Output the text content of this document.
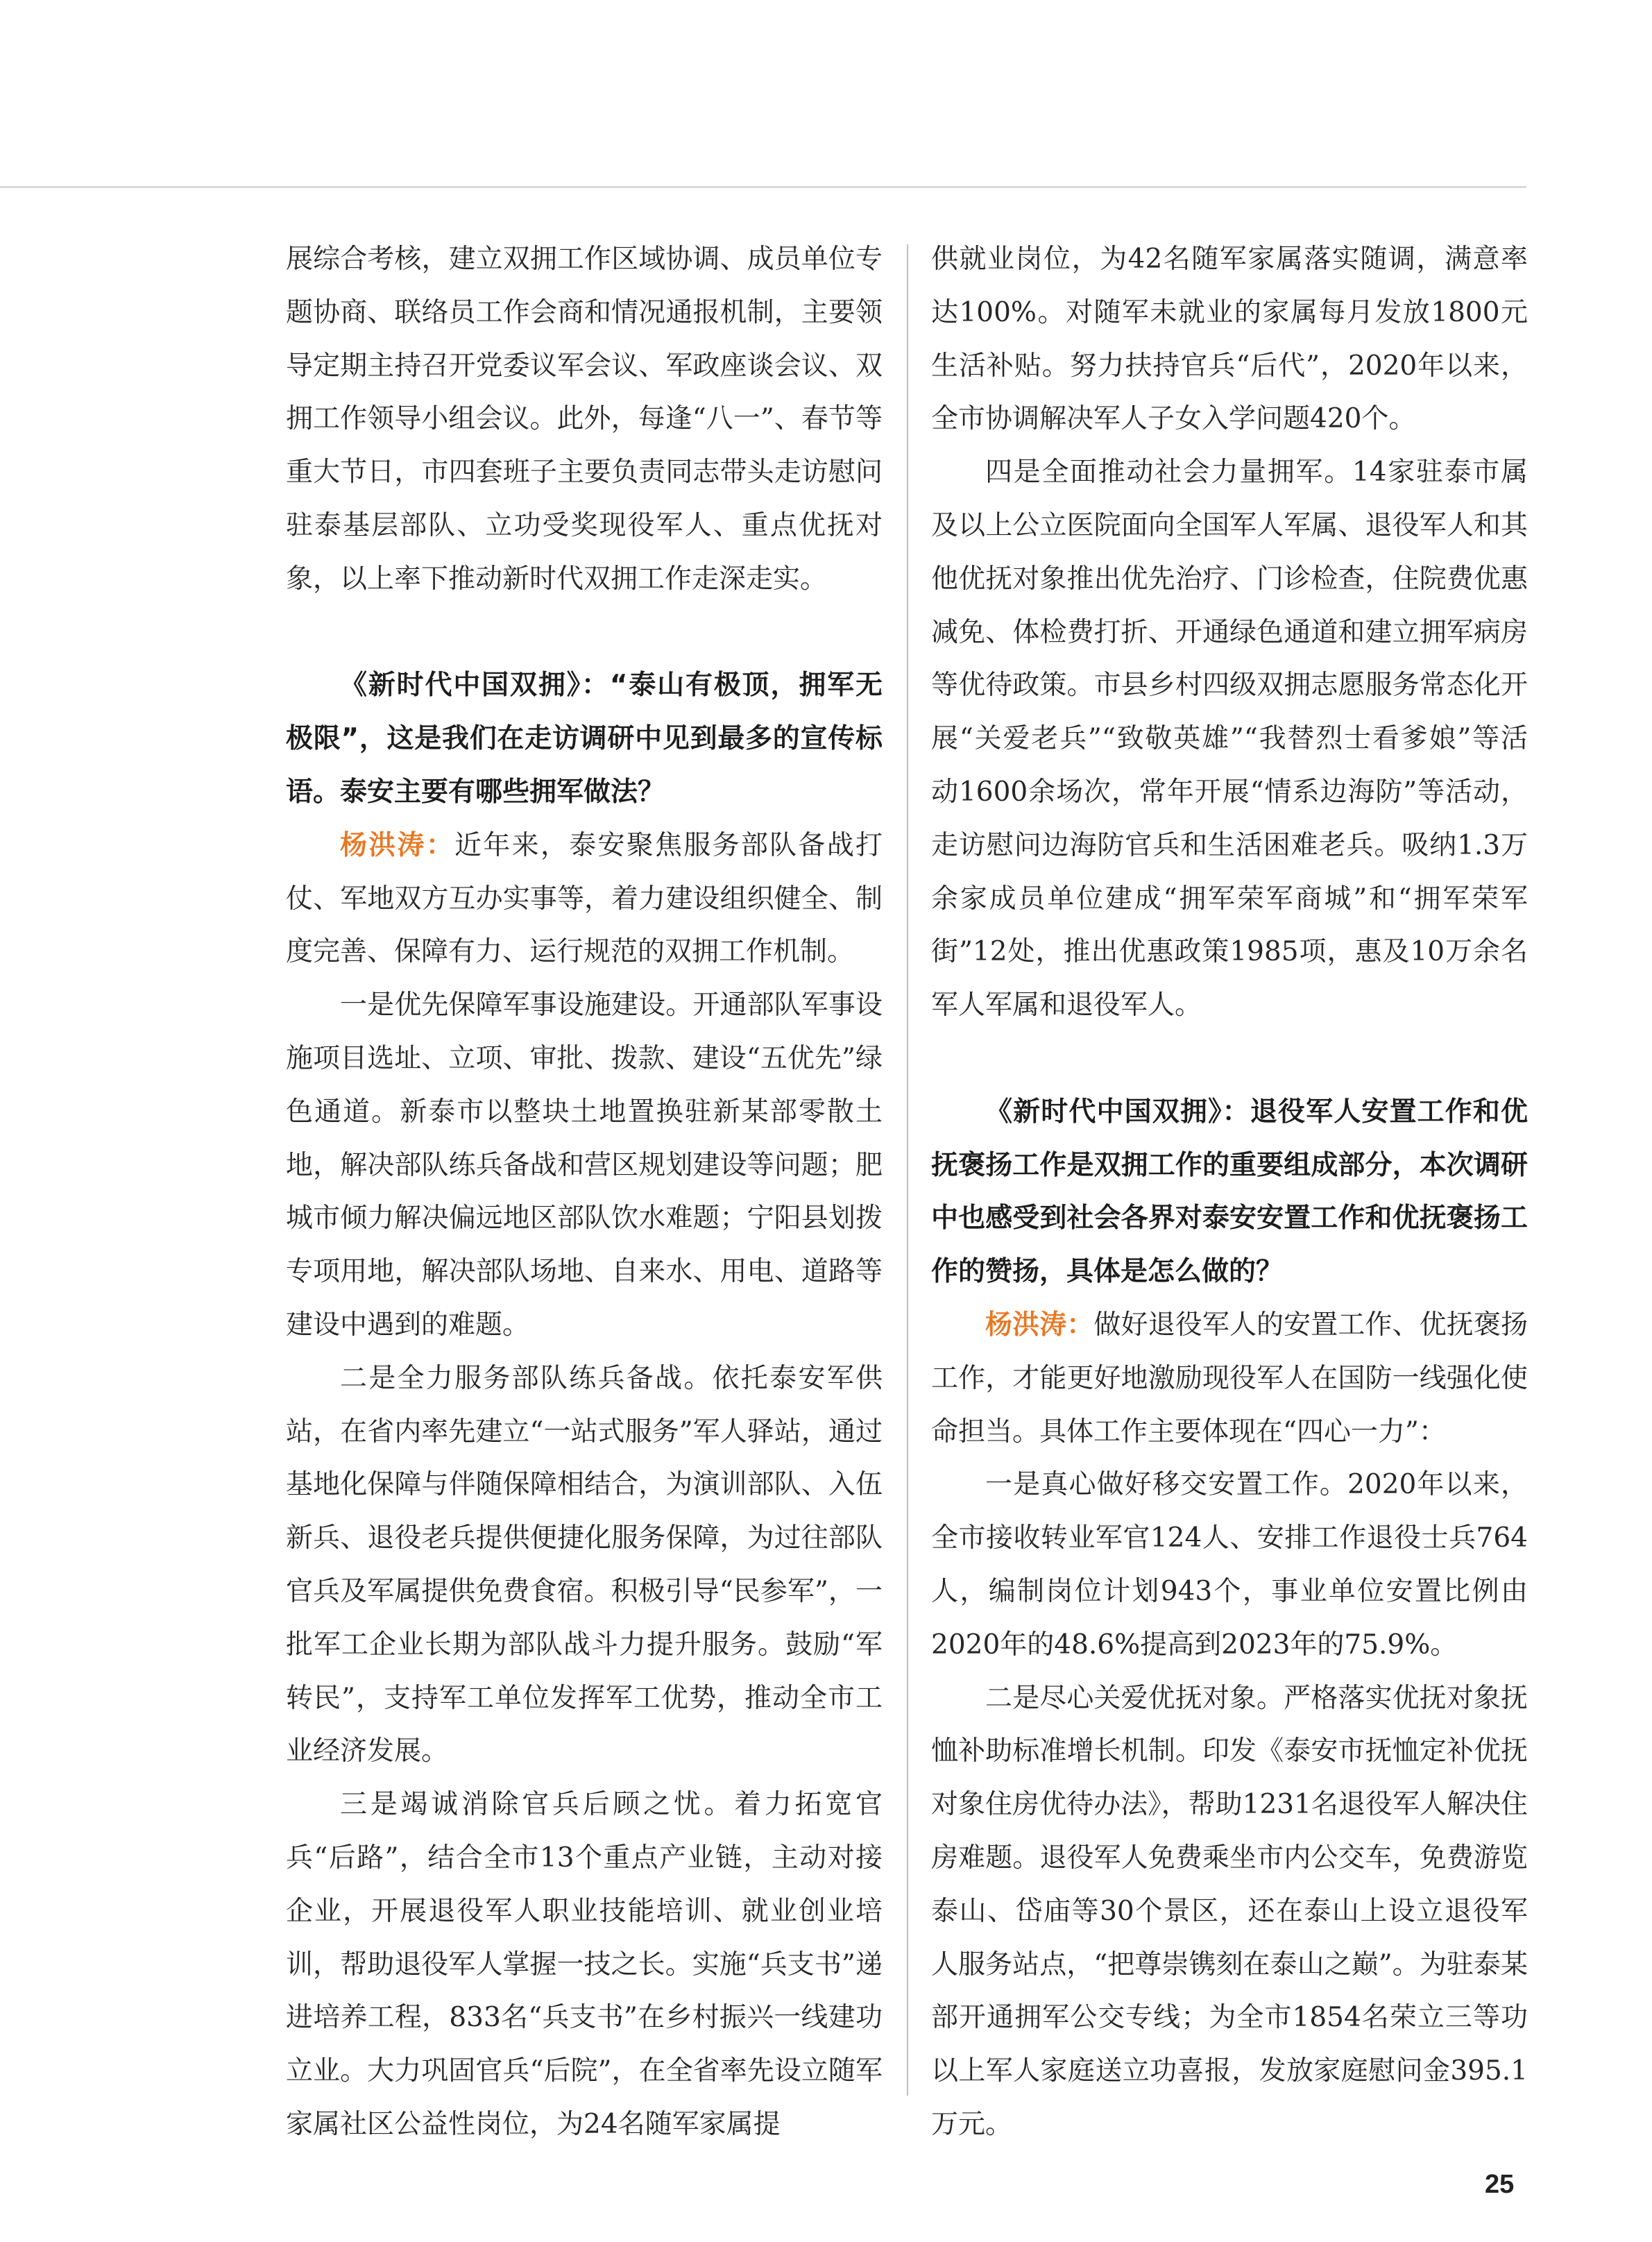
展综合考核，建立双拥工作区域协调、成员单位专题协商、联络员工作会商和情况通报机制，主要领导定期主持召开党委议军会议、军政座谈会议、双拥工作领导小组会议。此外，每逢“八一”、春节等重大节日，市四套班子主要负责同志带头走访慰问驻泰基层部队、立功受奖现役军人、重点优抚对象，以上率下推动新时代双拥工作走深走实。

《新时代中国双拥》：“泰山有极顶，拥军无极限”，这是我们在走访调研中见到最多的宣传标语。泰安主要有哪些拥军做法？

杨洪涛：近年来，泰安聚焦服务部队备战打仗、军地双方互办实事等，着力建设组织健全、制度完善、保障有力、运行规范的双拥工作机制。

一是优先保障军事设施建设。开通部队军事设施项目选址、立项、审批、拨款、建设“五优先”绿色通道。新泰市以整块土地置换驻新某部零散土地，解决部队练兵备战和营区规划建设等问题；肥城市倾力解决偏远地区部队饮水难题；宁阳县划拨专项用地，解决部队场地、自来水、用电、道路等建设中遇到的难题。

二是全力服务部队练兵备战。依托泰安军供站，在省内率先建立“一站式服务”军人驿站，通过基地化保障与伴随保障相结合，为演训部队、入伍新兵、退役老兵提供便捷化服务保障，为过往部队官兵及军属提供免费食宿。积极引导“民参军”，一批军工企业长期为部队战斗力提升服务。鼓励“军转民”，支持军工单位发挥军工优势，推动全市工业经济发展。

三是竭诚消除官兵后顾之忧。着力拓宽官兵“后路”，结合全市13个重点产业链，主动对接企业，开展退役军人职业技能培训、就业创业培训，帮助退役军人掌握一技之长。实施“兵支书”递进培养工程，833名“兵支书”在乡村振兴一线建功立业。大力巩固官兵“后院”，在全省率先设立随军家属社区公益性岗位，为24名随军家属提

供就业岗位，为42名随军家属落实随调，满意率达100%。对随军未就业的家属每月发放1800元生活补贴。努力扶持官兵“后代”，2020年以来，全市协调解决军人子女入学问题420个。

四是全面推动社会力量拥军。14家驻泰市属及以上公立医院面向全国军人军属、退役军人和其他优抚对象推出优先治疗、门诊检查，住院费优惠减免、体检费打折、开通绿色通道和建立拥军病房等优待政策。市县乡村四级双拥志愿服务常态化开展“关爱老兵”“致敬英雄”“我替烈士看爹娘”等活动1600余场次，常年开展“情系边海防”等活动，走访慰问边海防官兵和生活困难老兵。吸纳1.3万余家成员单位建成“拥军荣军商城”和“拥军荣军街”12处，推出优惠政策1985项，惠及10万余名军人军属和退役军人。

《新时代中国双拥》：退役军人安置工作和优抚褒扬工作是双拥工作的重要组成部分，本次调研中也感受到社会各界对泰安安置工作和优抚褒扬工作的赞扬，具体是怎么做的？

杨洪涛：做好退役军人的安置工作、优抚褒扬工作，才能更好地激励现役军人在国防一线强化使命担当。具体工作主要体现在“四心一力”：

一是真心做好移交安置工作。2020年以来，全市接收转业军官124人、安排工作退役士兵764人，编制岗位计划943个，事业单位安置比例由2020年的48.6%提高到2023年的75.9%。

二是尽心关爱优抚对象。严格落实优抚对象抚恤补助标准增长机制。印发《泰安市抚恤定补优抚对象住房优待办法》，帮助1231名退役军人解决住房难题。退役军人免费乘坐市内公交车，免费游览泰山、岱庙等30个景区，还在泰山上设立退役军人服务站点，“把尊崇镌刻在泰山之巅”。为驻泰某部开通拥军公交专线；为全市1854名荣立三等功以上军人家庭送立功喜报，发放家庭慰问金395.1万元。

25
